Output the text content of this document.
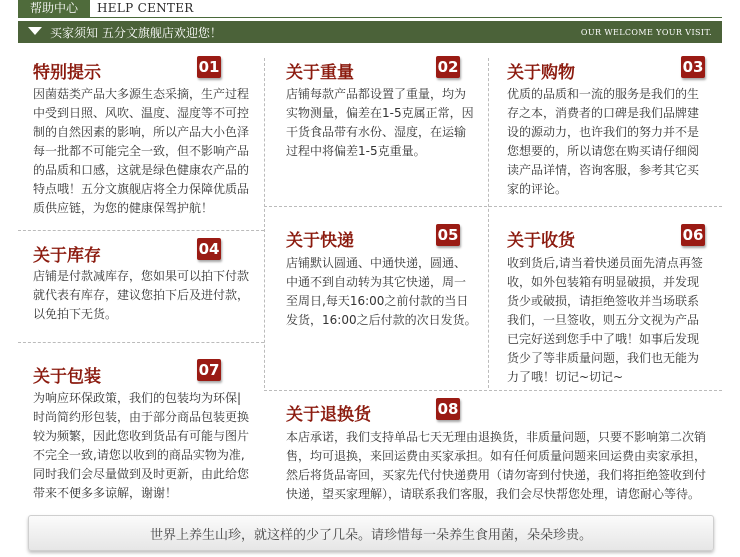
帮助中心	HELP CENTER
买家须知 五分文旗舰店欢迎您！	OUR WELCOME YOUR VISIT.
特别提示	01
因菌菇类产品大多源生态采摘，生产过程
中受到日照、风吹、温度、湿度等不可控
制的自然因素的影响，所以产品大小色泽
每一批都不可能完全一致，但不影响产品
的品质和口感，这就是绿色健康农产品的
特点哦！五分文旗舰店将全力保障优质品
质供应链，为您的健康保驾护航！
关于重量	02
店铺每款产品都设置了重量，均为
实物测量，偏差在1-5克属正常，因
干货食品带有水份、湿度，在运输
过程中将偏差1-5克重量。
关于购物	03
优质的品质和一流的服务是我们的生
存之本，消费者的口碑是我们品牌建
设的源动力，也许我们的努力并不是
您想要的，所以请您在购买请仔细阅
读产品详情，咨询客服，参考其它买
家的评论。
关于库存	04
店铺是付款减库存，您如果可以拍下付款
就代表有库存，建议您拍下后及进付款，
以免拍下无货。
关于快递	05
店铺默认圆通、中通快递，圆通、
中通不到自动转为其它快递，周一
至周日,每天16:00之前付款的当日
发货，16:00之后付款的次日发货。
关于收货	06
收到货后,请当着快递员面先清点再签
收，如外包装箱有明显破损，并发现
货少或破损，请拒绝签收并当场联系
我们，一旦签收，则五分文视为产品
已完好送到您手中了哦！如事后发现
货少了等非质量问题，我们也无能为
力了哦！切记~切记~
关于包装	07
为响应环保政策，我们的包装均为环保|
时尚简约形包装，由于部分商品包装更换
较为频繁，因此您收到货品有可能与图片
不完全一致,请您以收到的商品实物为准,
同时我们会尽量做到及时更新，由此给您
带来不便多多谅解，谢谢！
关于退换货	08
本店承诺，我们支持单品七天无理由退换货，非质量问题，只要不影响第二次销
售，均可退换，来回运费由买家承担。如有任何质量问题来回运费由卖家承担，
然后将货品寄回，买家先代付快递费用（请勿寄到付快递，我们将拒绝签收到付
快递，望买家理解），请联系我们客服，我们会尽快帮您处理，请您耐心等待。
世界上养生山珍，就这样的少了几朵。请珍惜每一朵养生食用菌，朵朵珍贵。
